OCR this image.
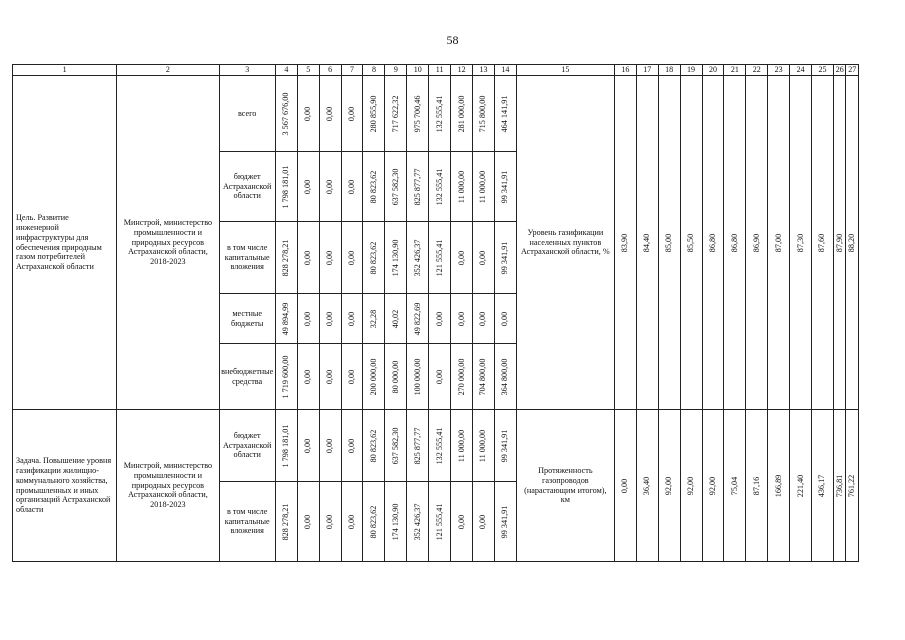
58
1	2	3	4	5	6	7	8	9	10	11	12	13	14	15	16	17	18	19	20	21	22	23	24	25	26	27
Цель. Развитие инженерной инфраструктуры для обеспечения природным газом потребителей Астраханской области	Минстрой, министерство промышленности и природных ресурсов Астраханской области, 2018-2023	всего	3 567 676,00	0,00	0,00	0,00	280 855,90	717 622,32	975 700,46	132 555,41	281 000,00	715 800,00	464 141,91	Уровень газификации населенных пунктов Астраханской области, %	83,90	84,40	85,00	85,50	86,80	86,80	86,90	87,00	87,30	87,60	87,90	88,20

		бюджет Астраханской области	1 798 181,01	0,00	0,00	0,00	80 823,62	637 582,30	825 877,77	132 555,41	11 000,00	11 000,00	99 341,91													

		в том числе капитальные вложения	828 278,21	0,00	0,00	0,00	80 823,62	174 130,90	352 426,37	121 555,41	0,00	0,00	99 341,91													

		местные бюджеты	49 894,99	0,00	0,00	0,00	32,28	40,02	49 822,69	0,00	0,00	0,00	0,00													

		внебюджетные средства	1 719 600,00	0,00	0,00	0,00	200 000,00	80 000,00	100 000,00	0,00	270 000,00	704 800,00	364 800,00													

Задача. Повышение уровня газификации жилищно-коммунального хозяйства, промышленных и иных организаций Астраханской области	Минстрой, министерство промышленности и природных ресурсов Астраханской области, 2018-2023	бюджет Астраханской области	1 798 181,01	0,00	0,00	0,00	80 823,62	637 582,30	825 877,77	132 555,41	11 000,00	11 000,00	99 341,91	Протяженность газопроводов (нарастающим итогом), км	0,00	36,40	92,00	92,00	92,00	75,04	87,16	166,89	221,40	436,17	736,81	761,22

		в том числе капитальные вложения	828 278,21	0,00	0,00	0,00	80 823,62	174 130,90	352 426,37	121 555,41	0,00	0,00	99 341,91													
